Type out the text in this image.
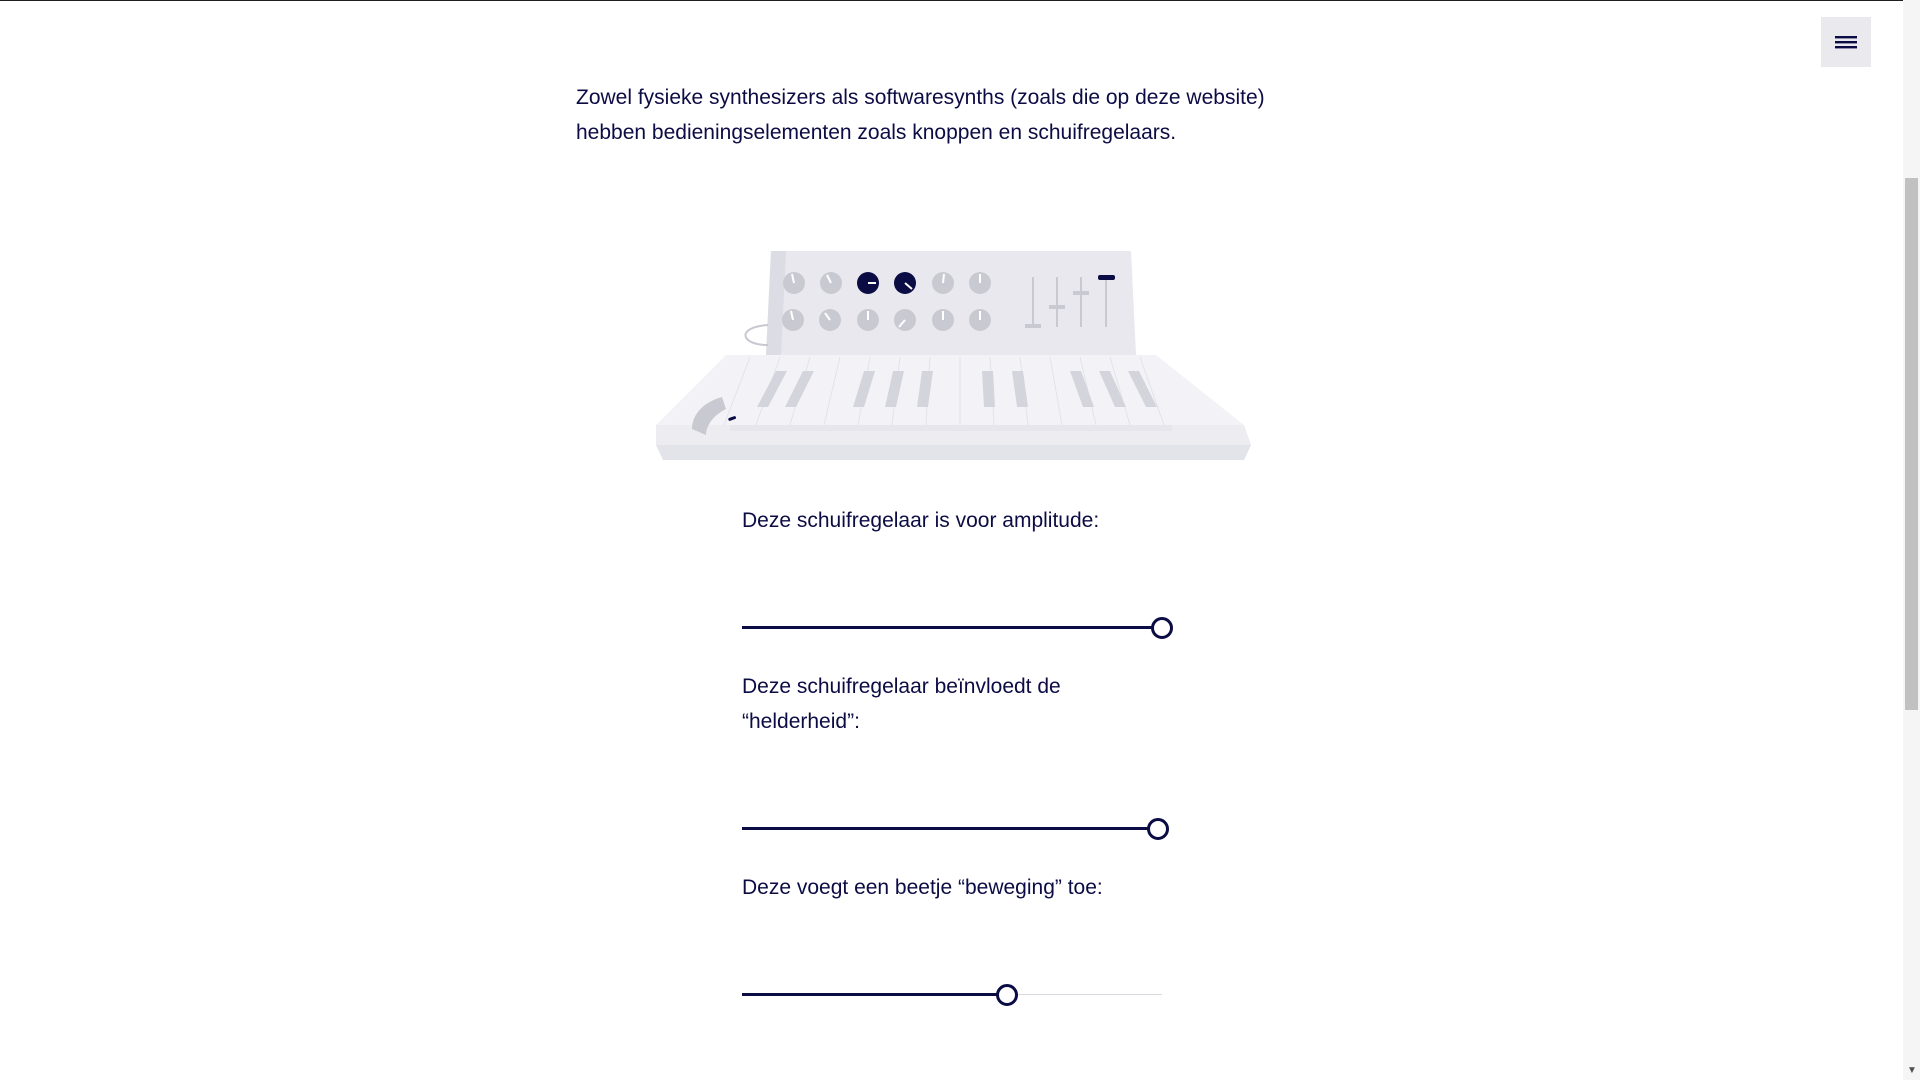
Zowel fysieke synthesizers als softwaresynths (zoals die op deze website) hebben bedieningselementen zoals knoppen en schuifregelaars.

Deze schuifregelaar is voor amplitude:

Deze schuifregelaar beïnvloedt de “helderheid”:

Deze voegt een beetje “beweging” toe:

▼
